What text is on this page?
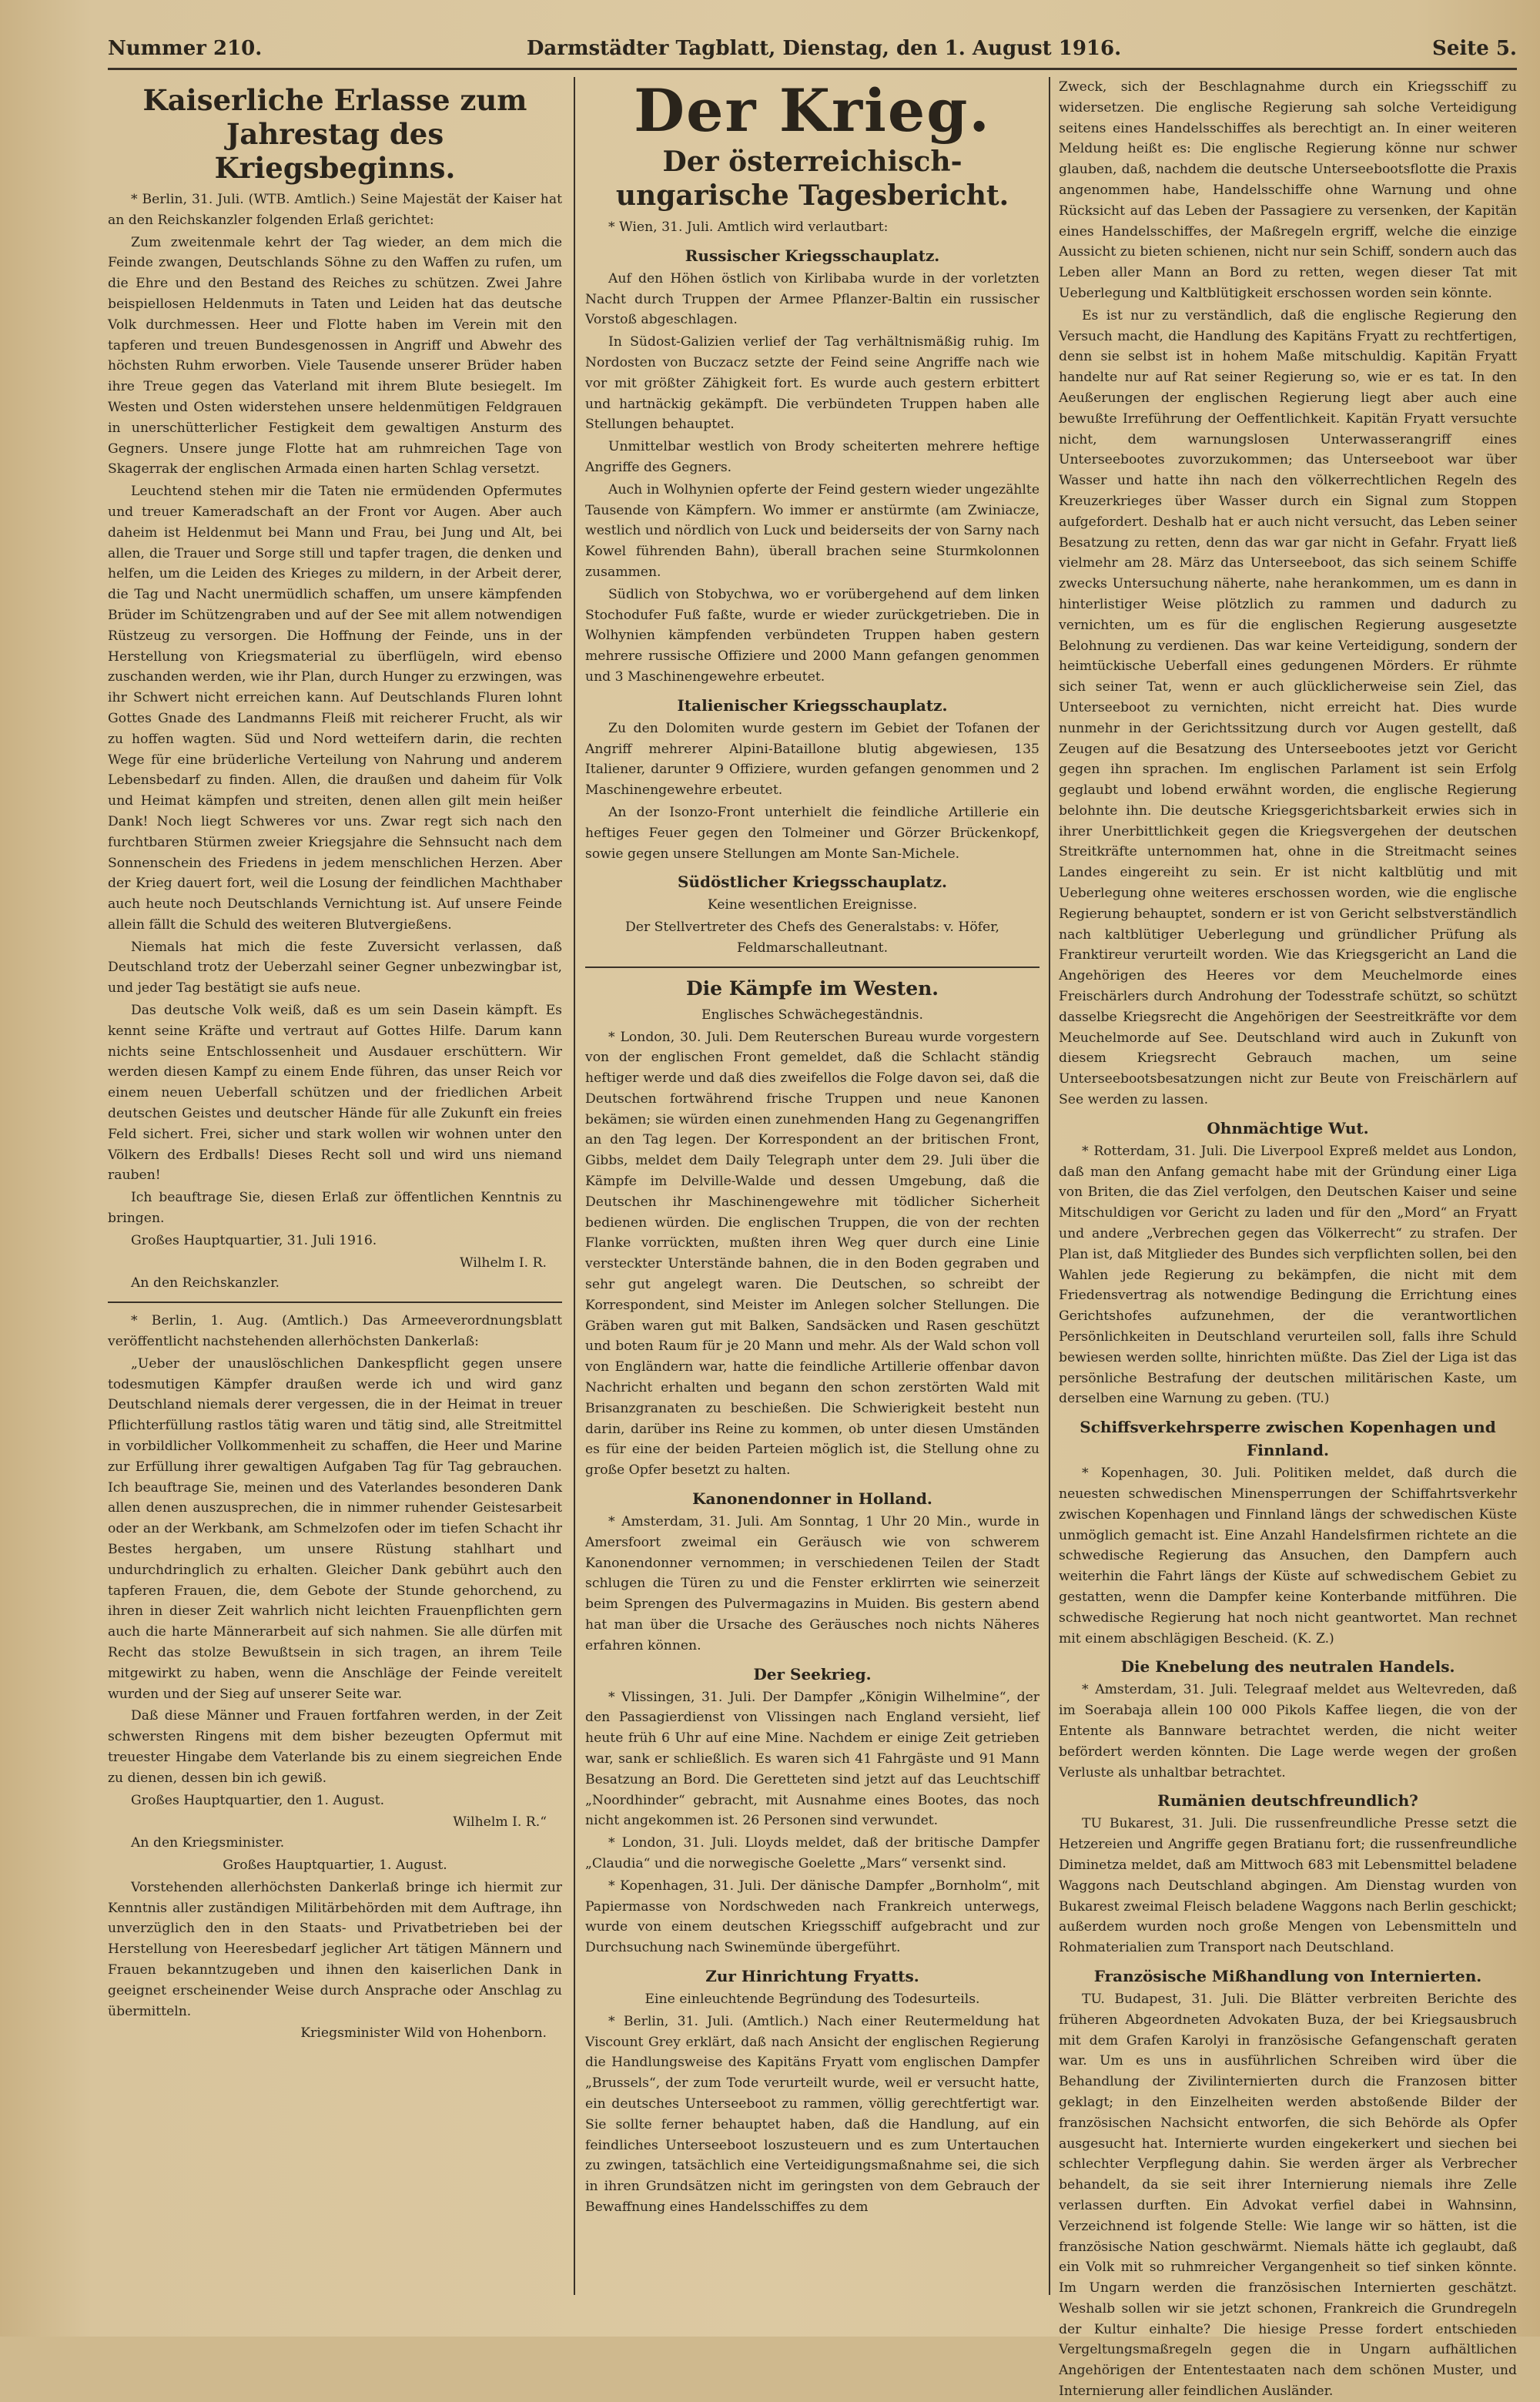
Nummer 210.	Darmstädter Tagblatt, Dienstag, den 1. August 1916.	Seite 5.
Kaiserliche Erlasse zum Jahrestag des Kriegsbeginns.

* Berlin, 31. Juli. (WTB. Amtlich.) Seine Majestät der Kaiser hat an den Reichskanzler folgenden Erlaß gerichtet:

Zum zweitenmale kehrt der Tag wieder, an dem mich die Feinde zwangen, Deutschlands Söhne zu den Waffen zu rufen, um die Ehre und den Bestand des Reiches zu schützen. Zwei Jahre beispiellosen Heldenmuts in Taten und Leiden hat das deutsche Volk durchmessen. Heer und Flotte haben im Verein mit den tapferen und treuen Bundesgenossen in Angriff und Abwehr des höchsten Ruhm erworben. Viele Tausende unserer Brüder haben ihre Treue gegen das Vaterland mit ihrem Blute besiegelt. Im Westen und Osten widerstehen unsere heldenmütigen Feldgrauen in unerschütterlicher Festigkeit dem gewaltigen Ansturm des Gegners. Unsere junge Flotte hat am ruhmreichen Tage von Skagerrak der englischen Armada einen harten Schlag versetzt.

Leuchtend stehen mir die Taten nie ermüdenden Opfermutes und treuer Kameradschaft an der Front vor Augen. Aber auch daheim ist Heldenmut bei Mann und Frau, bei Jung und Alt, bei allen, die Trauer und Sorge still und tapfer tragen, die denken und helfen, um die Leiden des Krieges zu mildern, in der Arbeit derer, die Tag und Nacht unermüdlich schaffen, um unsere kämpfenden Brüder im Schützengraben und auf der See mit allem notwendigen Rüstzeug zu versorgen. Die Hoffnung der Feinde, uns in der Herstellung von Kriegsmaterial zu überflügeln, wird ebenso zuschanden werden, wie ihr Plan, durch Hunger zu erzwingen, was ihr Schwert nicht erreichen kann. Auf Deutschlands Fluren lohnt Gottes Gnade des Landmanns Fleiß mit reicherer Frucht, als wir zu hoffen wagten. Süd und Nord wetteifern darin, die rechten Wege für eine brüderliche Verteilung von Nahrung und anderem Lebensbedarf zu finden. Allen, die draußen und daheim für Volk und Heimat kämpfen und streiten, denen allen gilt mein heißer Dank! Noch liegt Schweres vor uns. Zwar regt sich nach den furchtbaren Stürmen zweier Kriegsjahre die Sehnsucht nach dem Sonnenschein des Friedens in jedem menschlichen Herzen. Aber der Krieg dauert fort, weil die Losung der feindlichen Machthaber auch heute noch Deutschlands Vernichtung ist. Auf unsere Feinde allein fällt die Schuld des weiteren Blutvergießens.

Niemals hat mich die feste Zuversicht verlassen, daß Deutschland trotz der Ueberzahl seiner Gegner unbezwingbar ist, und jeder Tag bestätigt sie aufs neue.

Das deutsche Volk weiß, daß es um sein Dasein kämpft. Es kennt seine Kräfte und vertraut auf Gottes Hilfe. Darum kann nichts seine Entschlossenheit und Ausdauer erschüttern. Wir werden diesen Kampf zu einem Ende führen, das unser Reich vor einem neuen Ueberfall schützen und der friedlichen Arbeit deutschen Geistes und deutscher Hände für alle Zukunft ein freies Feld sichert. Frei, sicher und stark wollen wir wohnen unter den Völkern des Erdballs! Dieses Recht soll und wird uns niemand rauben!

Ich beauftrage Sie, diesen Erlaß zur öffentlichen Kenntnis zu bringen.

Großes Hauptquartier, 31. Juli 1916.

Wilhelm I. R.

An den Reichskanzler.

* Berlin, 1. Aug. (Amtlich.) Das Armeeverordnungsblatt veröffentlicht nachstehenden allerhöchsten Dankerlaß:

„Ueber der unauslöschlichen Dankespflicht gegen unsere todesmutigen Kämpfer draußen werde ich und wird ganz Deutschland niemals derer vergessen, die in der Heimat in treuer Pflichterfüllung rastlos tätig waren und tätig sind, alle Streitmittel in vorbildlicher Vollkommenheit zu schaffen, die Heer und Marine zur Erfüllung ihrer gewaltigen Aufgaben Tag für Tag gebrauchen. Ich beauftrage Sie, meinen und des Vaterlandes besonderen Dank allen denen auszusprechen, die in nimmer ruhender Geistesarbeit oder an der Werkbank, am Schmelzofen oder im tiefen Schacht ihr Bestes hergaben, um unsere Rüstung stahlhart und undurchdringlich zu erhalten. Gleicher Dank gebührt auch den tapferen Frauen, die, dem Gebote der Stunde gehorchend, zu ihren in dieser Zeit wahrlich nicht leichten Frauenpflichten gern auch die harte Männerarbeit auf sich nahmen. Sie alle dürfen mit Recht das stolze Bewußtsein in sich tragen, an ihrem Teile mitgewirkt zu haben, wenn die Anschläge der Feinde vereitelt wurden und der Sieg auf unserer Seite war.

Daß diese Männer und Frauen fortfahren werden, in der Zeit schwersten Ringens mit dem bisher bezeugten Opfermut mit treuester Hingabe dem Vaterlande bis zu einem siegreichen Ende zu dienen, dessen bin ich gewiß.

Großes Hauptquartier, den 1. August.

Wilhelm I. R.“

An den Kriegsminister.

Großes Hauptquartier, 1. August.

Vorstehenden allerhöchsten Dankerlaß bringe ich hiermit zur Kenntnis aller zuständigen Militärbehörden mit dem Auftrage, ihn unverzüglich den in den Staats- und Privatbetrieben bei der Herstellung von Heeresbedarf jeglicher Art tätigen Männern und Frauen bekanntzugeben und ihnen den kaiserlichen Dank in geeignet erscheinender Weise durch Ansprache oder Anschlag zu übermitteln.

Kriegsminister Wild von Hohenborn.

Der Krieg.
Der österreichisch-ungarische Tagesbericht.

* Wien, 31. Juli. Amtlich wird verlautbart:

Russischer Kriegsschauplatz.

Auf den Höhen östlich von Kirlibaba wurde in der vorletzten Nacht durch Truppen der Armee Pflanzer-Baltin ein russischer Vorstoß abgeschlagen.

In Südost-Galizien verlief der Tag verhältnismäßig ruhig. Im Nordosten von Buczacz setzte der Feind seine Angriffe nach wie vor mit größter Zähigkeit fort. Es wurde auch gestern erbittert und hartnäckig gekämpft. Die verbündeten Truppen haben alle Stellungen behauptet.

Unmittelbar westlich von Brody scheiterten mehrere heftige Angriffe des Gegners.

Auch in Wolhynien opferte der Feind gestern wieder ungezählte Tausende von Kämpfern. Wo immer er anstürmte (am Zwiniacze, westlich und nördlich von Luck und beiderseits der von Sarny nach Kowel führenden Bahn), überall brachen seine Sturmkolonnen zusammen.

Südlich von Stobychwa, wo er vorübergehend auf dem linken Stochodufer Fuß faßte, wurde er wieder zurückgetrieben. Die in Wolhynien kämpfenden verbündeten Truppen haben gestern mehrere russische Offiziere und 2000 Mann gefangen genommen und 3 Maschinengewehre erbeutet.

Italienischer Kriegsschauplatz.

Zu den Dolomiten wurde gestern im Gebiet der Tofanen der Angriff mehrerer Alpini-Bataillone blutig abgewiesen, 135 Italiener, darunter 9 Offiziere, wurden gefangen genommen und 2 Maschinengewehre erbeutet.

An der Isonzo-Front unterhielt die feindliche Artillerie ein heftiges Feuer gegen den Tolmeiner und Görzer Brückenkopf, sowie gegen unsere Stellungen am Monte San-Michele.

Südöstlicher Kriegsschauplatz.

Keine wesentlichen Ereignisse.

Der Stellvertreter des Chefs des Generalstabs: v. Höfer, Feldmarschalleutnant.

Die Kämpfe im Westen.

Englisches Schwächegeständnis.

* London, 30. Juli. Dem Reuterschen Bureau wurde vorgestern von der englischen Front gemeldet, daß die Schlacht ständig heftiger werde und daß dies zweifellos die Folge davon sei, daß die Deutschen fortwährend frische Truppen und neue Kanonen bekämen; sie würden einen zunehmenden Hang zu Gegenangriffen an den Tag legen. Der Korrespondent an der britischen Front, Gibbs, meldet dem Daily Telegraph unter dem 29. Juli über die Kämpfe im Delville-Walde und dessen Umgebung, daß die Deutschen ihr Maschinengewehre mit tödlicher Sicherheit bedienen würden. Die englischen Truppen, die von der rechten Flanke vorrückten, mußten ihren Weg quer durch eine Linie versteckter Unterstände bahnen, die in den Boden gegraben und sehr gut angelegt waren. Die Deutschen, so schreibt der Korrespondent, sind Meister im Anlegen solcher Stellungen. Die Gräben waren gut mit Balken, Sandsäcken und Rasen geschützt und boten Raum für je 20 Mann und mehr. Als der Wald schon voll von Engländern war, hatte die feindliche Artillerie offenbar davon Nachricht erhalten und begann den schon zerstörten Wald mit Brisanzgranaten zu beschießen. Die Schwierigkeit besteht nun darin, darüber ins Reine zu kommen, ob unter diesen Umständen es für eine der beiden Parteien möglich ist, die Stellung ohne zu große Opfer besetzt zu halten.

Kanonendonner in Holland.

* Amsterdam, 31. Juli. Am Sonntag, 1 Uhr 20 Min., wurde in Amersfoort zweimal ein Geräusch wie von schwerem Kanonendonner vernommen; in verschiedenen Teilen der Stadt schlugen die Türen zu und die Fenster erklirrten wie seinerzeit beim Sprengen des Pulvermagazins in Muiden. Bis gestern abend hat man über die Ursache des Geräusches noch nichts Näheres erfahren können.

Der Seekrieg.

* Vlissingen, 31. Juli. Der Dampfer „Königin Wilhelmine“, der den Passagierdienst von Vlissingen nach England versieht, lief heute früh 6 Uhr auf eine Mine. Nachdem er einige Zeit getrieben war, sank er schließlich. Es waren sich 41 Fahrgäste und 91 Mann Besatzung an Bord. Die Geretteten sind jetzt auf das Leuchtschiff „Noordhinder“ gebracht, mit Ausnahme eines Bootes, das noch nicht angekommen ist. 26 Personen sind verwundet.

* London, 31. Juli. Lloyds meldet, daß der britische Dampfer „Claudia“ und die norwegische Goelette „Mars“ versenkt sind.

* Kopenhagen, 31. Juli. Der dänische Dampfer „Bornholm“, mit Papiermasse von Nordschweden nach Frankreich unterwegs, wurde von einem deutschen Kriegsschiff aufgebracht und zur Durchsuchung nach Swinemünde übergeführt.

Zur Hinrichtung Fryatts.

Eine einleuchtende Begründung des Todesurteils.

* Berlin, 31. Juli. (Amtlich.) Nach einer Reutermeldung hat Viscount Grey erklärt, daß nach Ansicht der englischen Regierung die Handlungsweise des Kapitäns Fryatt vom englischen Dampfer „Brussels“, der zum Tode verurteilt wurde, weil er versucht hatte, ein deutsches Unterseeboot zu rammen, völlig gerechtfertigt war. Sie sollte ferner behauptet haben, daß die Handlung, auf ein feindliches Unterseeboot loszusteuern und es zum Untertauchen zu zwingen, tatsächlich eine Verteidigungsmaßnahme sei, die sich in ihren Grundsätzen nicht im geringsten von dem Gebrauch der Bewaffnung eines Handelsschiffes zu dem

Zweck, sich der Beschlagnahme durch ein Kriegsschiff zu widersetzen. Die englische Regierung sah solche Verteidigung seitens eines Handelsschiffes als berechtigt an. In einer weiteren Meldung heißt es: Die englische Regierung könne nur schwer glauben, daß, nachdem die deutsche Unterseebootsflotte die Praxis angenommen habe, Handelsschiffe ohne Warnung und ohne Rücksicht auf das Leben der Passagiere zu versenken, der Kapitän eines Handelsschiffes, der Maßregeln ergriff, welche die einzige Aussicht zu bieten schienen, nicht nur sein Schiff, sondern auch das Leben aller Mann an Bord zu retten, wegen dieser Tat mit Ueberlegung und Kaltblütigkeit erschossen worden sein könnte.

Es ist nur zu verständlich, daß die englische Regierung den Versuch macht, die Handlung des Kapitäns Fryatt zu rechtfertigen, denn sie selbst ist in hohem Maße mitschuldig. Kapitän Fryatt handelte nur auf Rat seiner Regierung so, wie er es tat. In den Aeußerungen der englischen Regierung liegt aber auch eine bewußte Irreführung der Oeffentlichkeit. Kapitän Fryatt versuchte nicht, dem warnungslosen Unterwasserangriff eines Unterseebootes zuvorzukommen; das Unterseeboot war über Wasser und hatte ihn nach den völkerrechtlichen Regeln des Kreuzerkrieges über Wasser durch ein Signal zum Stoppen aufgefordert. Deshalb hat er auch nicht versucht, das Leben seiner Besatzung zu retten, denn das war gar nicht in Gefahr. Fryatt ließ vielmehr am 28. März das Unterseeboot, das sich seinem Schiffe zwecks Untersuchung näherte, nahe herankommen, um es dann in hinterlistiger Weise plötzlich zu rammen und dadurch zu vernichten, um es für die englischen Regierung ausgesetzte Belohnung zu verdienen. Das war keine Verteidigung, sondern der heimtückische Ueberfall eines gedungenen Mörders. Er rühmte sich seiner Tat, wenn er auch glücklicherweise sein Ziel, das Unterseeboot zu vernichten, nicht erreicht hat. Dies wurde nunmehr in der Gerichtssitzung durch vor Augen gestellt, daß Zeugen auf die Besatzung des Unterseebootes jetzt vor Gericht gegen ihn sprachen. Im englischen Parlament ist sein Erfolg geglaubt und lobend erwähnt worden, die englische Regierung belohnte ihn. Die deutsche Kriegsgerichtsbarkeit erwies sich in ihrer Unerbittlichkeit gegen die Kriegsvergehen der deutschen Streitkräfte unternommen hat, ohne in die Streitmacht seines Landes eingereiht zu sein. Er ist nicht kaltblütig und mit Ueberlegung ohne weiteres erschossen worden, wie die englische Regierung behauptet, sondern er ist von Gericht selbstverständlich nach kaltblütiger Ueberlegung und gründlicher Prüfung als Franktireur verurteilt worden. Wie das Kriegsgericht an Land die Angehörigen des Heeres vor dem Meuchelmorde eines Freischärlers durch Androhung der Todesstrafe schützt, so schützt dasselbe Kriegsrecht die Angehörigen der Seestreitkräfte vor dem Meuchelmorde auf See. Deutschland wird auch in Zukunft von diesem Kriegsrecht Gebrauch machen, um seine Unterseebootsbesatzungen nicht zur Beute von Freischärlern auf See werden zu lassen.

Ohnmächtige Wut.

* Rotterdam, 31. Juli. Die Liverpool Expreß meldet aus London, daß man den Anfang gemacht habe mit der Gründung einer Liga von Briten, die das Ziel verfolgen, den Deutschen Kaiser und seine Mitschuldigen vor Gericht zu laden und für den „Mord“ an Fryatt und andere „Verbrechen gegen das Völkerrecht“ zu strafen. Der Plan ist, daß Mitglieder des Bundes sich verpflichten sollen, bei den Wahlen jede Regierung zu bekämpfen, die nicht mit dem Friedensvertrag als notwendige Bedingung die Errichtung eines Gerichtshofes aufzunehmen, der die verantwortlichen Persönlichkeiten in Deutschland verurteilen soll, falls ihre Schuld bewiesen werden sollte, hinrichten müßte. Das Ziel der Liga ist das persönliche Bestrafung der deutschen militärischen Kaste, um derselben eine Warnung zu geben. (TU.)

Schiffsverkehrsperre zwischen Kopenhagen und Finnland.

* Kopenhagen, 30. Juli. Politiken meldet, daß durch die neuesten schwedischen Minensperrungen der Schiffahrtsverkehr zwischen Kopenhagen und Finnland längs der schwedischen Küste unmöglich gemacht ist. Eine Anzahl Handelsfirmen richtete an die schwedische Regierung das Ansuchen, den Dampfern auch weiterhin die Fahrt längs der Küste auf schwedischem Gebiet zu gestatten, wenn die Dampfer keine Konterbande mitführen. Die schwedische Regierung hat noch nicht geantwortet. Man rechnet mit einem abschlägigen Bescheid. (K. Z.)

Die Knebelung des neutralen Handels.

* Amsterdam, 31. Juli. Telegraaf meldet aus Weltevreden, daß im Soerabaja allein 100 000 Pikols Kaffee liegen, die von der Entente als Bannware betrachtet werden, die nicht weiter befördert werden könnten. Die Lage werde wegen der großen Verluste als unhaltbar betrachtet.

Rumänien deutschfreundlich?

TU Bukarest, 31. Juli. Die russenfreundliche Presse setzt die Hetzereien und Angriffe gegen Bratianu fort; die russenfreundliche Diminetza meldet, daß am Mittwoch 683 mit Lebensmittel beladene Waggons nach Deutschland abgingen. Am Dienstag wurden von Bukarest zweimal Fleisch beladene Waggons nach Berlin geschickt; außerdem wurden noch große Mengen von Lebensmitteln und Rohmaterialien zum Transport nach Deutschland.

Französische Mißhandlung von Internierten.

TU. Budapest, 31. Juli. Die Blätter verbreiten Berichte des früheren Abgeordneten Advokaten Buza, der bei Kriegsausbruch mit dem Grafen Karolyi in französische Gefangenschaft geraten war. Um es uns in ausführlichen Schreiben wird über die Behandlung der Zivilinternierten durch die Franzosen bitter geklagt; in den Einzelheiten werden abstoßende Bilder der französischen Nachsicht entworfen, die sich Behörde als Opfer ausgesucht hat. Internierte wurden eingekerkert und siechen bei schlechter Verpflegung dahin. Sie werden ärger als Verbrecher behandelt, da sie seit ihrer Internierung niemals ihre Zelle verlassen durften. Ein Advokat verfiel dabei in Wahnsinn, Verzeichnend ist folgende Stelle: Wie lange wir so hätten, ist die französische Nation geschwärmt. Niemals hätte ich geglaubt, daß ein Volk mit so ruhmreicher Vergangenheit so tief sinken könnte. Im Ungarn werden die französischen Internierten geschätzt. Weshalb sollen wir sie jetzt schonen, Frankreich die Grundregeln der Kultur einhalte? Die hiesige Presse fordert entschieden Vergeltungsmaßregeln gegen die in Ungarn aufhältlichen Angehörigen der Ententestaaten nach dem schönen Muster, und Internierung aller feindlichen Ausländer.
